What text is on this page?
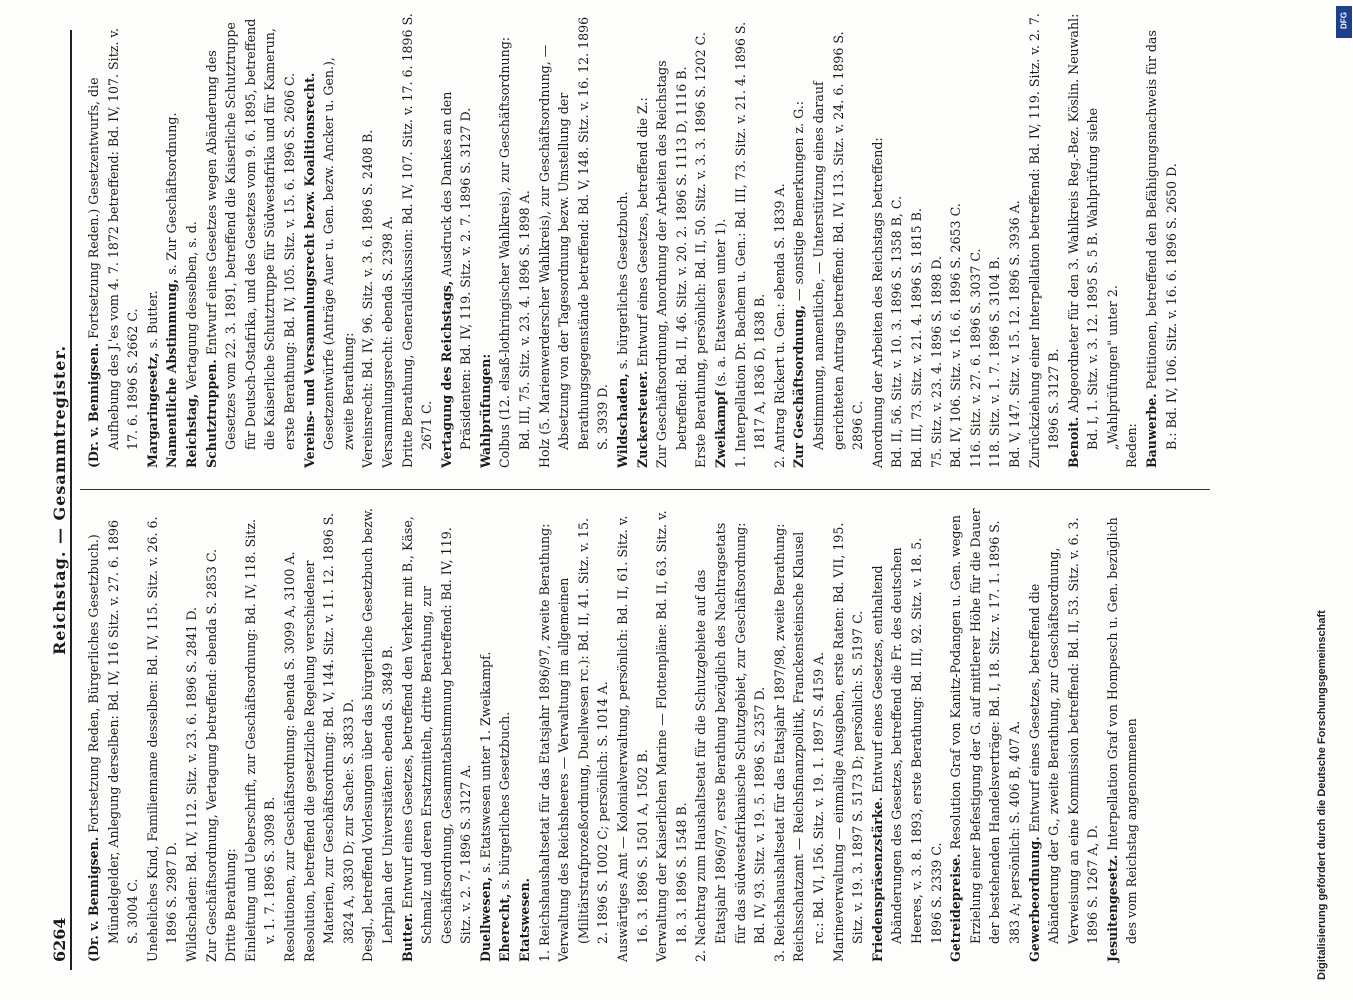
6264
Reichstag. — Gesammtregister.

(Dr. v. Bennigsen. Fortsetzung Reden, Bürgerliches Gesetzbuch.) Mündelgelder, Anlegung derselben: Bd. IV, 116 Sitz. v. 27. 6. 1896 S. 3004 C. Uneheliches Kind, Familienname desselben: Bd. IV, 115. Sitz. v. 26. 6. 1896 S. 2987 D. Wildschaden: Bd. IV, 112. Sitz. v. 23. 6. 1896 S. 2841 D. Zur Geschäftsordnung, Vertagung betreffend: ebenda S. 2853 C. Dritte Berathung: Einleitung und Ueberschrift, zur Geschäftsordnung: Bd. IV, 118. Sitz. v. 1. 7. 1896 S. 3098 B. Resolutionen, zur Geschäftsordnung: ebenda S. 3099 A, 3100 A. Resolution, betreffend die gesetzliche Regelung verschiedener Materien, zur Geschäftsordnung: Bd. V, 144. Sitz. v. 11. 12. 1896 S. 3824 A, 3830 D; zur Sache: S. 3833 D. Desgl., betreffend Vorlesungen über das bürgerliche Gesetzbuch bezw. Lehrplan der Universitäten: ebenda S. 3849 B. Butter. Entwurf eines Gesetzes, betreffend den Verkehr mit B., Käse, Schmalz und deren Ersatzmitteln, dritte Berathung, zur Geschäftsordnung, Gesammtabstimmung betreffend: Bd. IV, 119. Sitz. v. 2. 7. 1896 S. 3127 A. Duellwesen, s. Etatswesen unter 1. Zweikampf.

Eherecht, s. bürgerliches Gesetzbuch.

Etatswesen. 1. Reichshaushaltsetat für das Etatsjahr 1896/97, zweite Berathung: Verwaltung des Reichsheeres — Verwaltung im allgemeinen (Militärstrafprozeßordnung, Duellwesen rc.): Bd. II, 41. Sitz. v. 15. 2. 1896 S. 1002 C; persönlich: S. 1014 A. Auswärtiges Amt — Kolonialverwaltung, persönlich: Bd. II, 61. Sitz. v. 16. 3. 1896 S. 1501 A, 1502 B. Verwaltung der Kaiserlichen Marine — Flottenpläne: Bd. II, 63. Sitz. v. 18. 3. 1896 S. 1548 B. 2. Nachtrag zum Haushaltsetat für die Schutzgebiete auf das Etatsjahr 1896/97, erste Berathung bezüglich des Nachtragsetats für das südwestafrikanische Schutzgebiet, zur Geschäftsordnung: Bd. IV, 93. Sitz. v. 19. 5. 1896 S. 2357 D. 3. Reichshaushaltsetat für das Etatsjahr 1897/98, zweite Berathung: Reichsschatzamt — Reichsfinanzpolitik, Franckensteinsche Klausel rc.: Bd. VI, 156. Sitz. v. 19. 1. 1897 S. 4159 A. Marineverwaltung — einmalige Ausgaben, erste Raten: Bd. VII, 195. Sitz. v. 19. 3. 1897 S. 5173 D; persönlich: S. 5197 C. Friedenspräsenzstärke. Entwurf eines Gesetzes, enthaltend Abänderungen des Gesetzes, betreffend die Fr. des deutschen Heeres, v. 3. 8. 1893, erste Berathung: Bd. III, 92. Sitz. v. 18. 5. 1896 S. 2339 C. Getreidepreise. Resolution Graf von Kanitz-Podangen u. Gen. wegen Erzielung einer Befestigung der G. auf mittlerer Höhe für die Dauer der bestehenden Handelsverträge: Bd. I, 18. Sitz. v. 17. 1. 1896 S. 383 A; persönlich: S. 406 B, 407 A. Gewerbeordnung. Entwurf eines Gesetzes, betreffend die Abänderung der G., zweite Berathung, zur Geschäftsordnung, Verweisung an eine Kommission betreffend: Bd. II, 53. Sitz. v. 6. 3. 1896 S. 1267 A, D. Jesuitengesetz. Interpellation Graf von Hompesch u. Gen. bezüglich des vom Reichstag angenommenen

(Dr. v. Bennigsen. Fortsetzung Reden.) Gesetzentwurfs, die Aufhebung des J.'es vom 4. 7. 1872 betreffend: Bd. IV, 107. Sitz. v. 17. 6. 1896 S. 2662 C. Margaringesetz, s. Butter. Namentliche Abstimmung, s. Zur Geschäftsordnung.

Reichstag, Vertagung desselben, s. d.

Schutztruppen. Entwurf eines Gesetzes wegen Abänderung des Gesetzes vom 22. 3. 1891, betreffend die Kaiserliche Schutztruppe für Deutsch-Ostafrika, und des Gesetzes vom 9. 6. 1895, betreffend die Kaiserliche Schutztruppe für Südwestafrika und für Kamerun, erste Berathung: Bd. IV, 105. Sitz. v. 15. 6. 1896 S. 2606 C. Vereins- und Versammlungsrecht bezw. Koalitionsrecht. Gesetzentwürfe (Anträge Auer u. Gen. bezw. Ancker u. Gen.), zweite Berathung: Vereinsrecht: Bd. IV, 96. Sitz. v. 3. 6. 1896 S. 2408 B. Versammlungsrecht: ebenda S. 2398 A. Dritte Berathung, Generaldiskussion: Bd. IV, 107. Sitz. v. 17. 6. 1896 S. 2671 C. Vertagung des Reichstags, Ausdruck des Dankes an den Präsidenten: Bd. IV, 119. Sitz. v. 2. 7. 1896 S. 3127 D. Wahlprüfungen: Colbus (12. elsaß-lothringischer Wahlkreis), zur Geschäftsordnung: Bd. III, 75. Sitz. v. 23. 4. 1896 S. 1898 A. Holz (5. Marienwerderscher Wahlkreis), zur Geschäftsordnung, — Absetzung von der Tagesordnung bezw. Umstellung der Berathungsgegenstände betreffend: Bd. V, 148. Sitz. v. 16. 12. 1896 S. 3939 D. Wildschaden, s. bürgerliches Gesetzbuch.

Zuckersteuer. Entwurf eines Gesetzes, betreffend die Z.: Zur Geschäftsordnung, Anordnung der Arbeiten des Reichstags betreffend: Bd. II, 46. Sitz. v. 20. 2. 1896 S. 1113 D, 1116 B. Erste Berathung, persönlich: Bd. II, 50. Sitz. v. 3. 3. 1896 S. 1202 C. Zweikampf (s. a. Etatswesen unter 1). 1. Interpellation Dr. Bachem u. Gen.: Bd. III, 73. Sitz. v. 21. 4. 1896 S. 1817 A, 1836 D, 1838 B. 2. Antrag Rickert u. Gen.: ebenda S. 1839 A. Zur Geschäftsordnung, — sonstige Bemerkungen z. G.: Abstimmung, namentliche, — Unterstützung eines darauf gerichteten Antrags betreffend: Bd. IV, 113. Sitz. v. 24. 6. 1896 S. 2896 C. Anordnung der Arbeiten des Reichstags betreffend: Bd. II, 56. Sitz. v. 10. 3. 1896 S. 1358 B, C. Bd. III, 73. Sitz. v. 21. 4. 1896 S. 1815 B. 75. Sitz. v. 23. 4. 1896 S. 1898 D. Bd. IV, 106. Sitz. v. 16. 6. 1896 S. 2653 C. 116. Sitz. v. 27. 6. 1896 S. 3037 C. 118. Sitz. v. 1. 7. 1896 S. 3104 B. Bd. V, 147. Sitz. v. 15. 12. 1896 S. 3936 A. Zurückziehung einer Interpellation betreffend: Bd. IV, 119. Sitz. v. 2. 7. 1896 S. 3127 B. Benoit. Abgeordneter für den 3. Wahlkreis Reg.-Bez. Köslin. Neuwahl: Bd. I, 1. Sitz. v. 3. 12. 1895 S. 5 B. Wahlprüfung siehe „Wahlprüfungen" unter 2. Reden: Bauwerbe. Petitionen, betreffend den Befähigungsnachweis für das B.: Bd. IV, 106. Sitz. v. 16. 6. 1896 S. 2650 D.

Digitalisierung gefördert durch die Deutsche Forschungsgemeinschaft
DFG
